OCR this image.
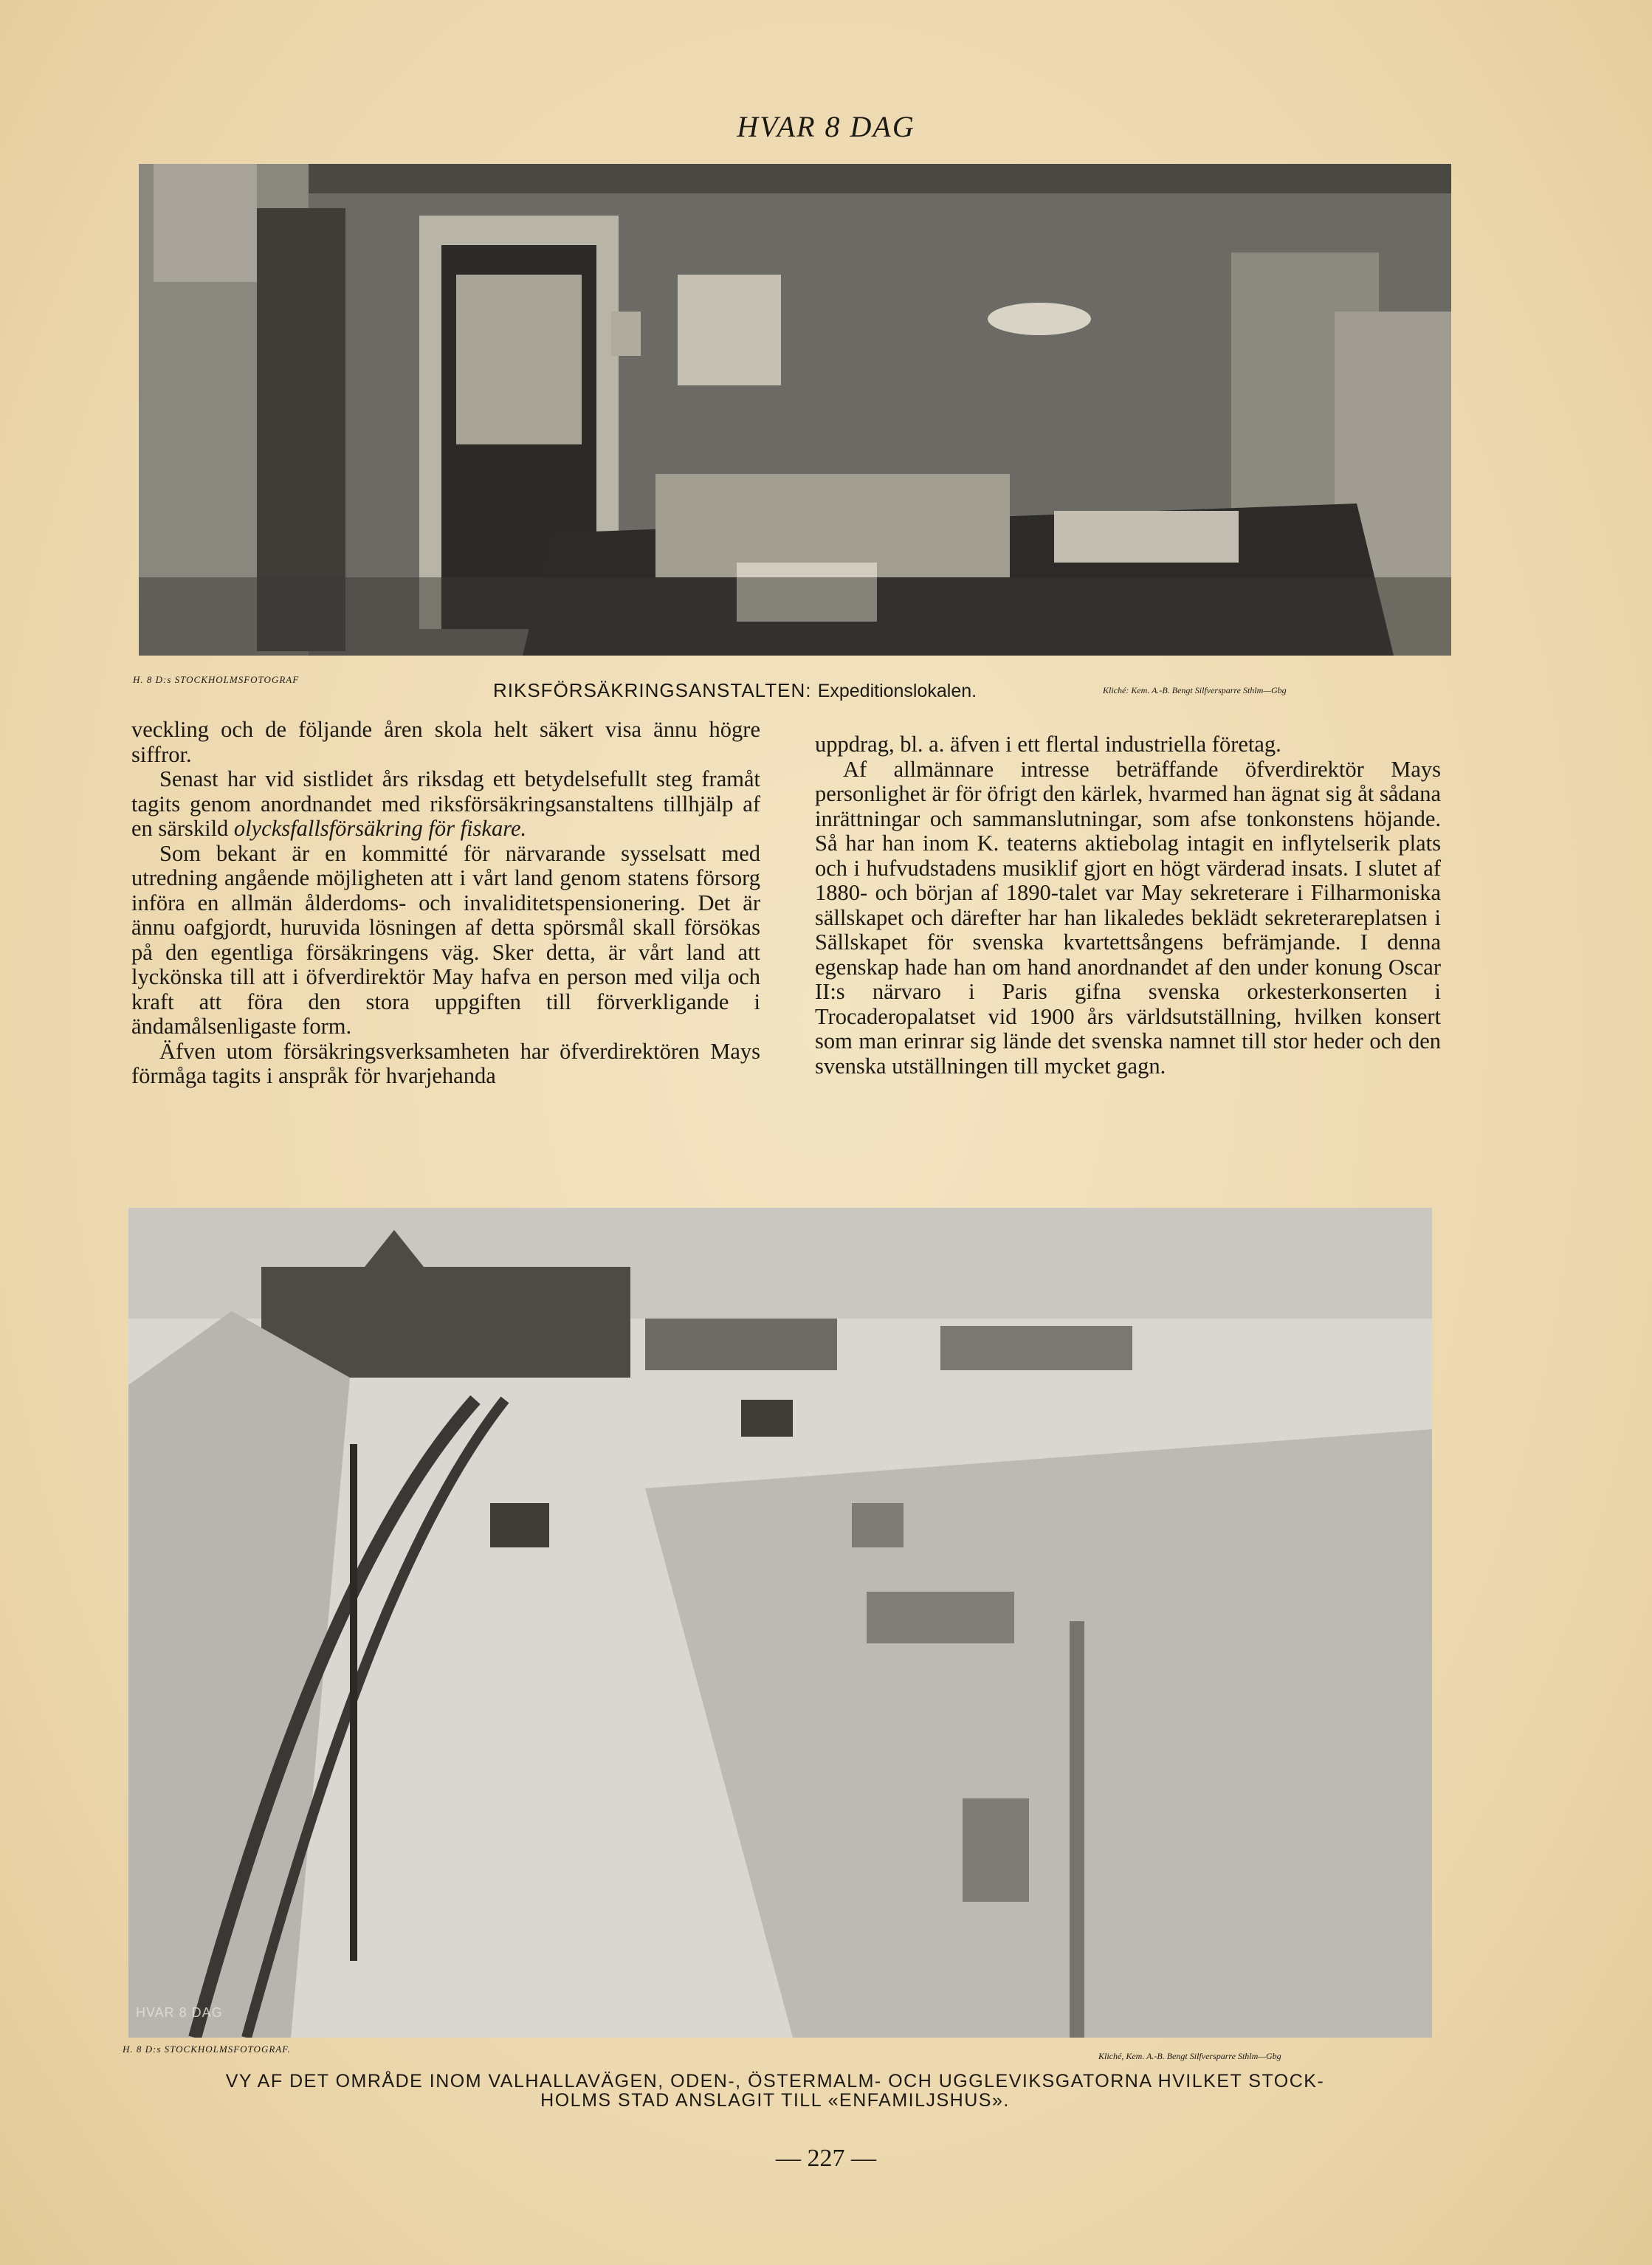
HVAR 8 DAG
H. 8 D:s STOCKHOLMSFOTOGRAF	RIKSFÖRSÄKRINGSANSTALTEN: Expeditionslokalen.	Kliché: Kem. A.-B. Bengt Silfversparre Sthlm—Gbg

veckling och de följande åren skola helt säkert visa ännu högre siffror.

Senast har vid sistlidet års riksdag ett betydelsefullt steg framåt tagits genom anordnandet med riksförsäkringsanstaltens tillhjälp af en särskild olycksfallsförsäkring för fiskare.

Som bekant är en kommitté för närvarande sysselsatt med utredning angående möjligheten att i vårt land genom statens försorg införa en allmän ålderdoms- och invaliditetspensionering. Det är ännu oafgjordt, huruvida lösningen af detta spörsmål skall försökas på den egentliga försäkringens väg. Sker detta, är vårt land att lyckönska till att i öfverdirektör May hafva en person med vilja och kraft att föra den stora uppgiften till förverkligande i ändamålsenligaste form.

Äfven utom försäkringsverksamheten har öfverdirektören Mays förmåga tagits i anspråk för hvarjehanda

uppdrag, bl. a. äfven i ett flertal industriella företag.

Af allmännare intresse beträffande öfverdirektör Mays personlighet är för öfrigt den kärlek, hvarmed han ägnat sig åt sådana inrättningar och sammanslutningar, som afse tonkonstens höjande. Så har han inom K. teaterns aktiebolag intagit en inflytelserik plats och i hufvudstadens musiklif gjort en högt värderad insats. I slutet af 1880- och början af 1890-talet var May sekreterare i Filharmoniska sällskapet och därefter har han likaledes beklädt sekreterareplatsen i Sällskapet för svenska kvartettsångens befrämjande. I denna egenskap hade han om hand anordnandet af den under konung Oscar II:s närvaro i Paris gifna svenska orkesterkonserten i Trocaderopalatset vid 1900 års världsutställning, hvilken konsert som man erinrar sig lände det svenska namnet till stor heder och den svenska utställningen till mycket gagn.

HVAR 8 DAG
H. 8 D:s STOCKHOLMSFOTOGRAF.
Kliché, Kem. A.-B. Bengt Silfversparre Sthlm—Gbg
VY AF DET OMRÅDE INOM VALHALLAVÄGEN, ODEN-, ÖSTERMALM- OCH UGGLEVIKSGATORNA HVILKET STOCK-
HOLMS STAD ANSLAGIT TILL «ENFAMILJSHUS».
— 227 —
